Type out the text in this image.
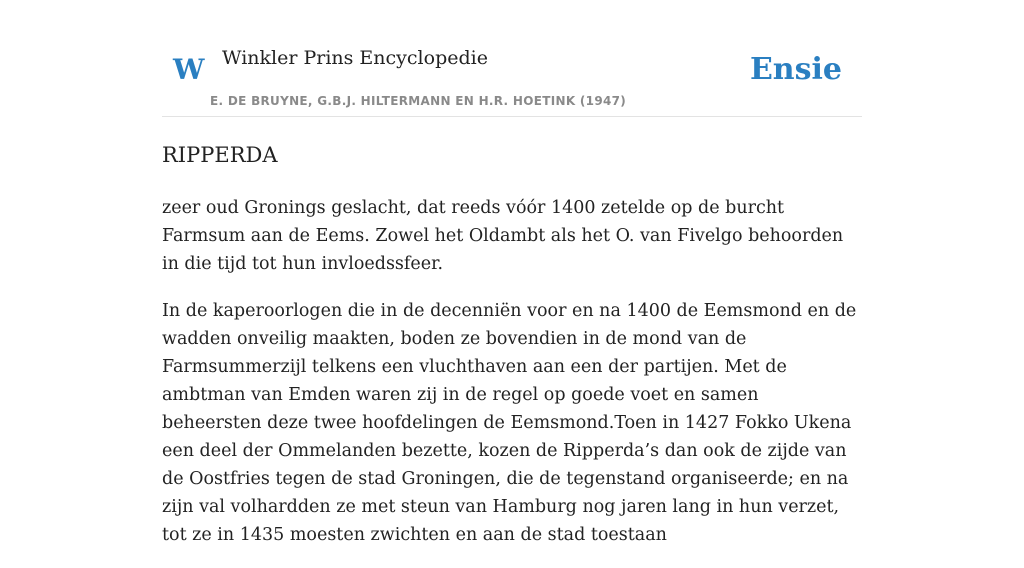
W Winkler Prins Encyclopedie
E. DE BRUYNE, G.B.J. HILTERMANN EN H.R. HOETINK (1947)
Ensie
RIPPERDA

zeer oud Gronings geslacht, dat reeds vóór 1400 zetelde op de burcht Farmsum aan de Eems. Zowel het Oldambt als het O. van Fivelgo behoorden in die tijd tot hun invloedssfeer.

In de kaperoorlogen die in de decenniën voor en na 1400 de Eemsmond en de wadden onveilig maakten, boden ze bovendien in de mond van de Farmsummerzijl telkens een vluchthaven aan een der partijen. Met de ambtman van Emden waren zij in de regel op goede voet en samen beheersten deze twee hoofdelingen de Eemsmond.Toen in 1427 Fokko Ukena een deel der Ommelanden bezette, kozen de Ripperda’s dan ook de zijde van de Oostfries tegen de stad Groningen, die de tegenstand organiseerde; en na zijn val volhardden ze met steun van Hamburg nog jaren lang in hun verzet, tot ze in 1435 moesten zwichten en aan de stad toestaan
